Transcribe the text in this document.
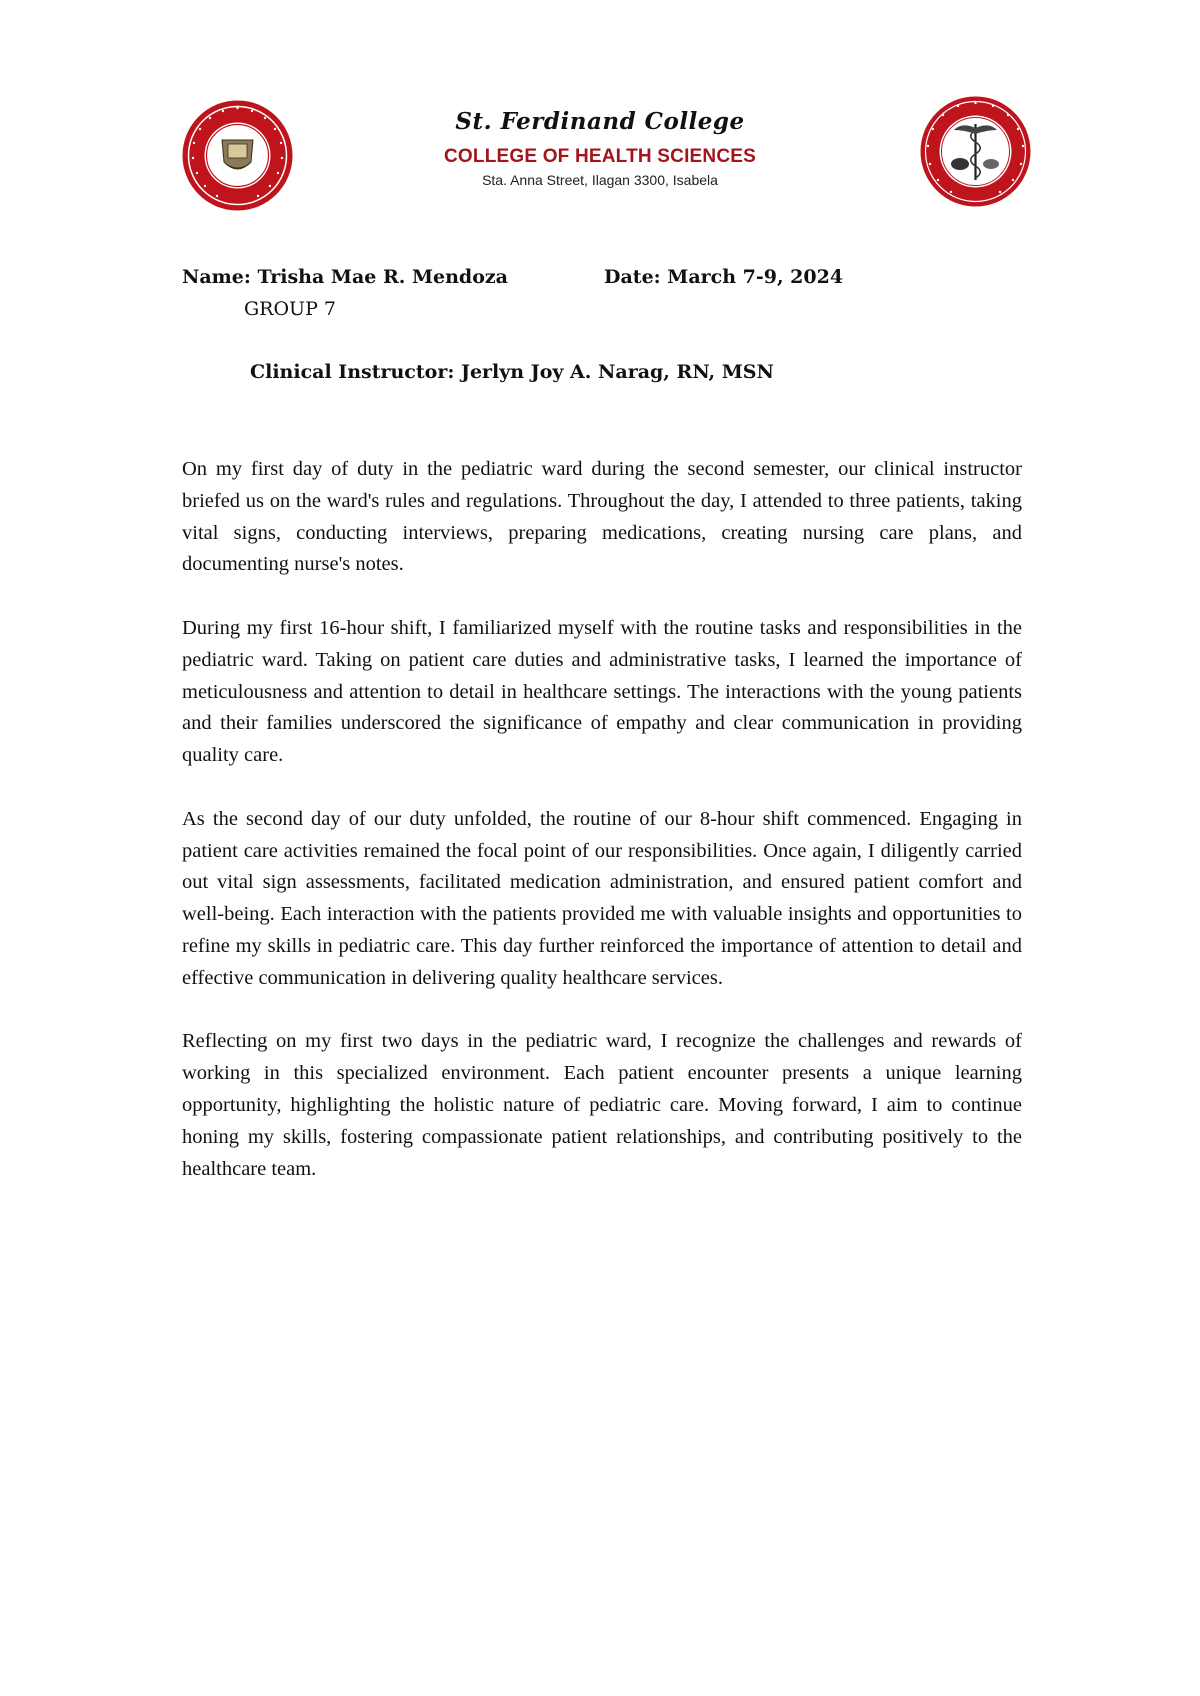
St. Ferdinand College
COLLEGE OF HEALTH SCIENCES
Sta. Anna Street, Ilagan 3300, Isabela
Name: Trisha Mae R. Mendoza	Date: March 7-9, 2024
GROUP 7
Clinical Instructor: Jerlyn Joy A. Narag, RN, MSN

On my first day of duty in the pediatric ward during the second semester, our clinical instructor briefed us on the ward's rules and regulations. Throughout the day, I attended to three patients, taking vital signs, conducting interviews, preparing medications, creating nursing care plans, and documenting nurse's notes.

During my first 16-hour shift, I familiarized myself with the routine tasks and responsibilities in the pediatric ward. Taking on patient care duties and administrative tasks, I learned the importance of meticulousness and attention to detail in healthcare settings. The interactions with the young patients and their families underscored the significance of empathy and clear communication in providing quality care.

As the second day of our duty unfolded, the routine of our 8-hour shift commenced. Engaging in patient care activities remained the focal point of our responsibilities. Once again, I diligently carried out vital sign assessments, facilitated medication administration, and ensured patient comfort and well-being. Each interaction with the patients provided me with valuable insights and opportunities to refine my skills in pediatric care. This day further reinforced the importance of attention to detail and effective communication in delivering quality healthcare services.

Reflecting on my first two days in the pediatric ward, I recognize the challenges and rewards of working in this specialized environment. Each patient encounter presents a unique learning opportunity, highlighting the holistic nature of pediatric care. Moving forward, I aim to continue honing my skills, fostering compassionate patient relationships, and contributing positively to the healthcare team.
